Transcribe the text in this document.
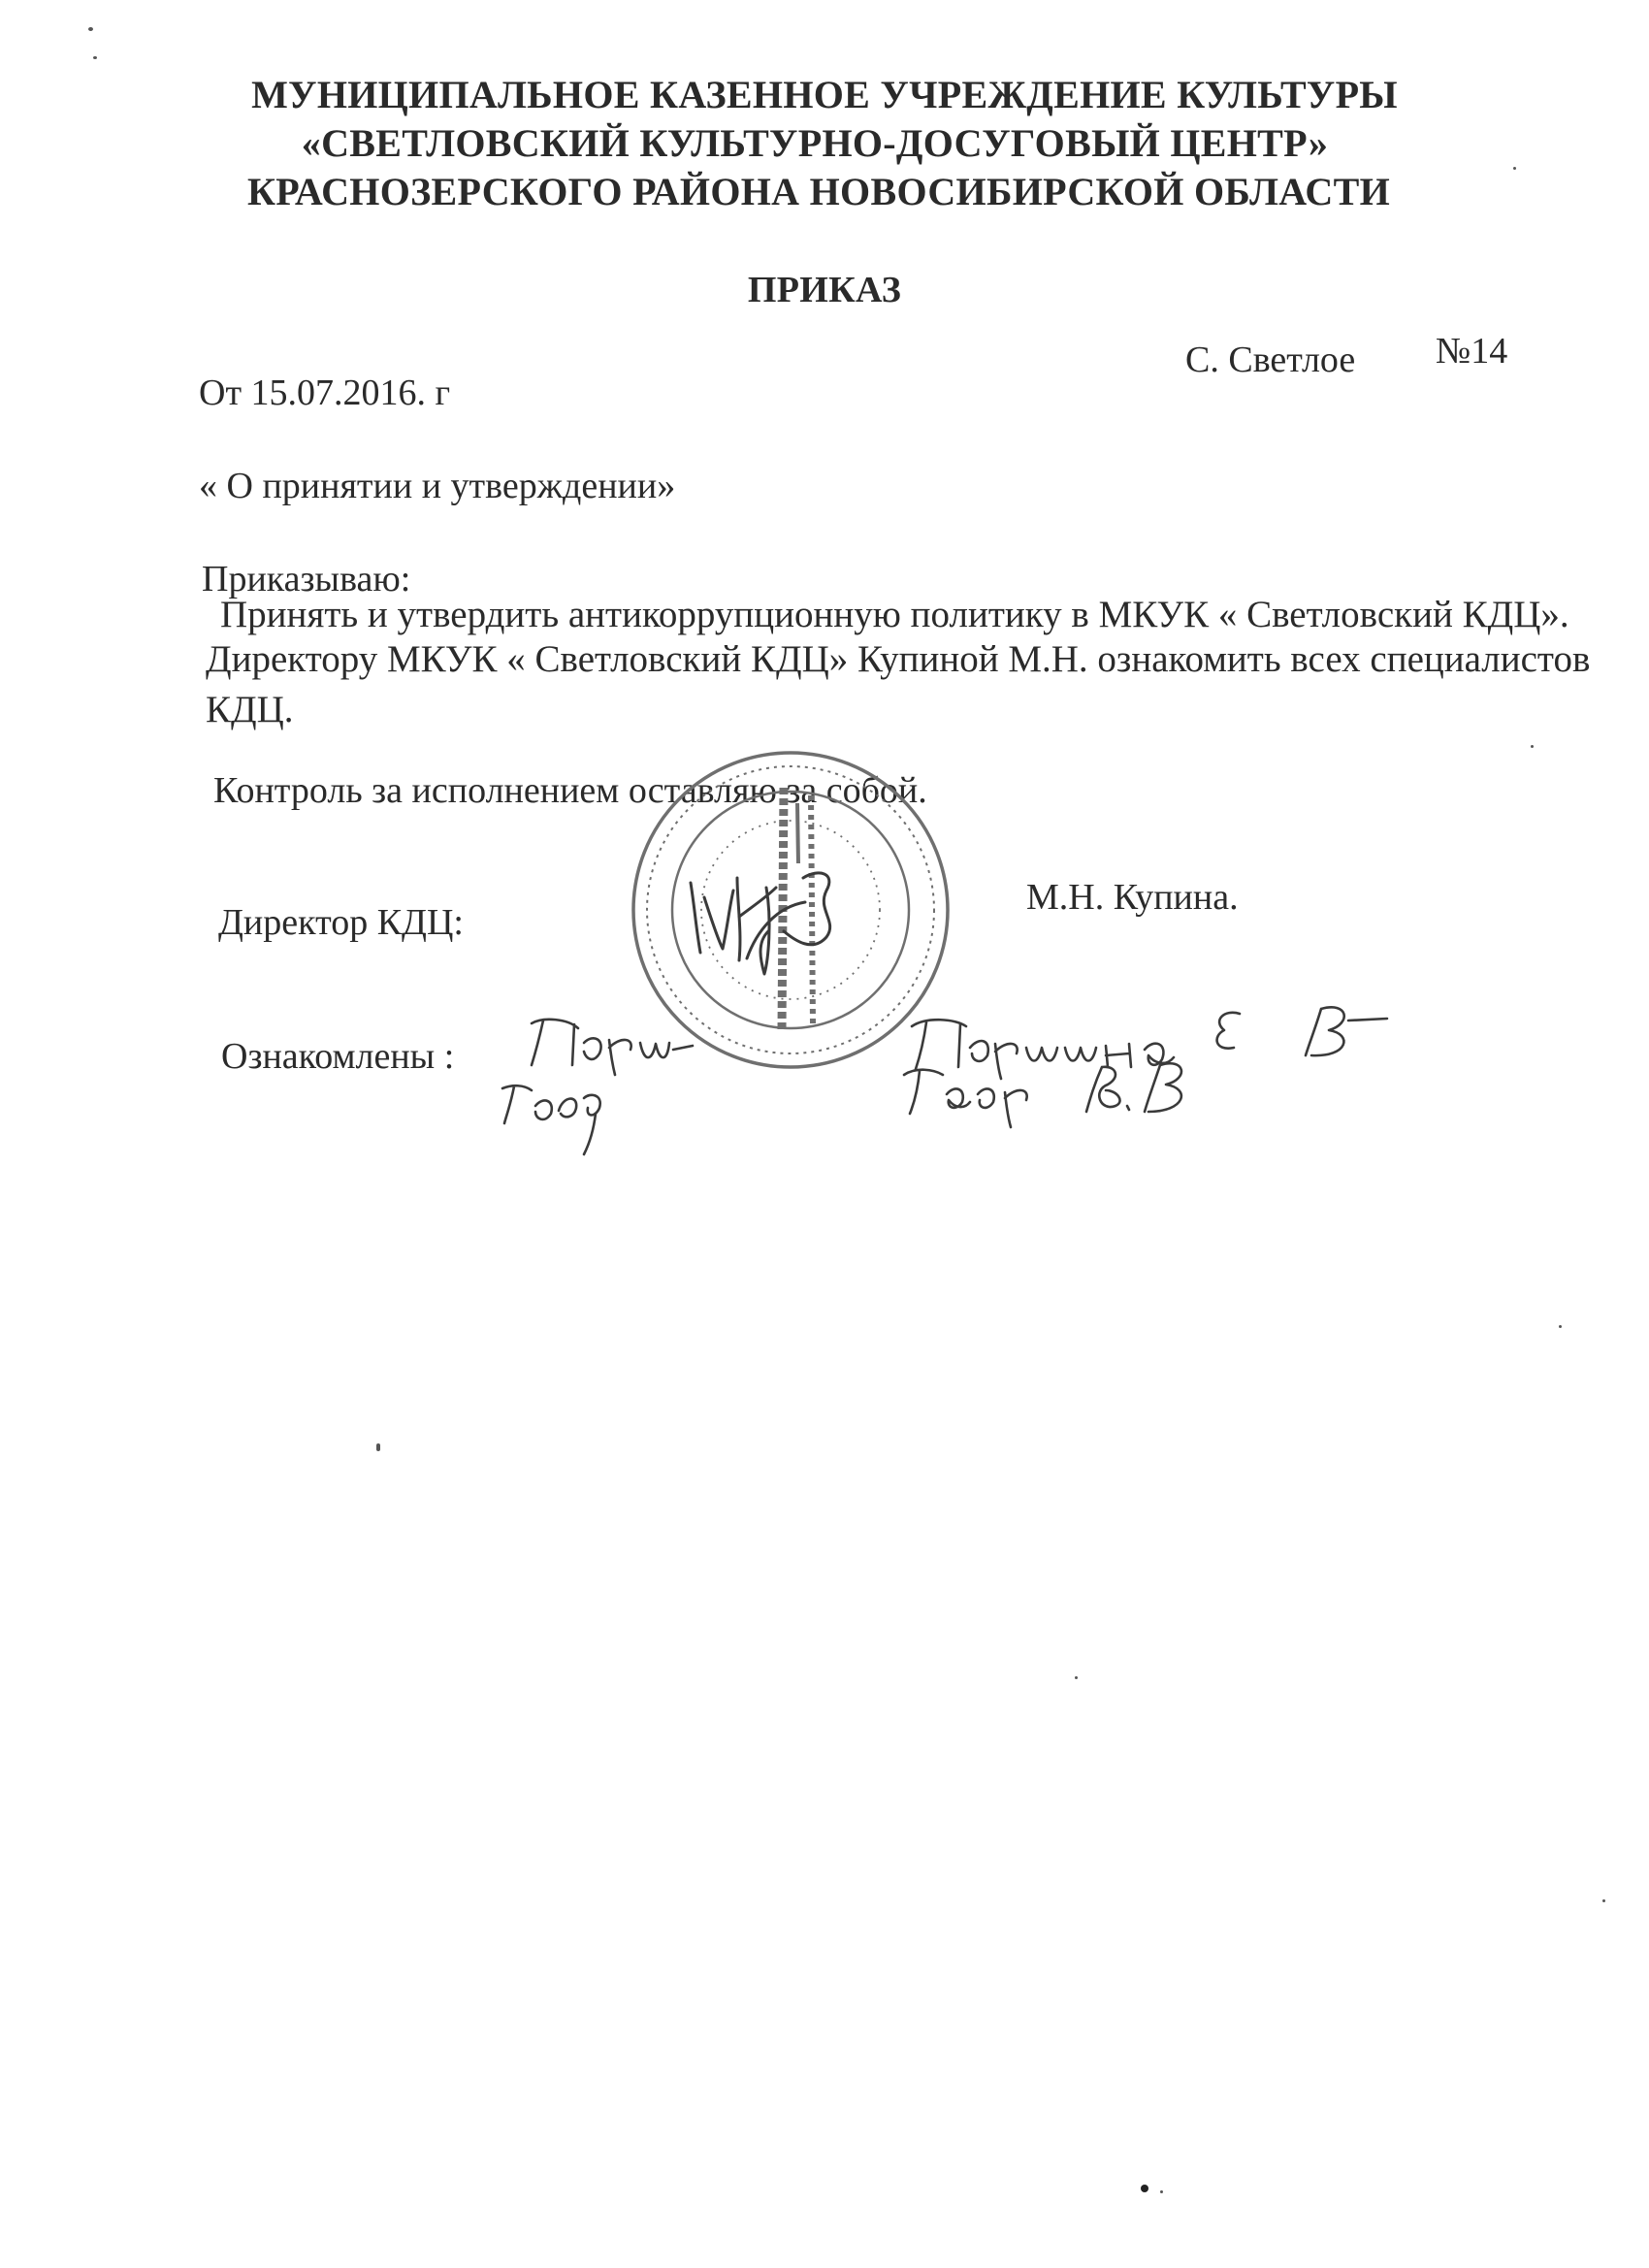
МУНИЦИПАЛЬНОЕ КАЗЕННОЕ УЧРЕЖДЕНИЕ КУЛЬТУРЫ

«СВЕТЛОВСКИЙ КУЛЬТУРНО-ДОСУГОВЫЙ ЦЕНТР»

КРАСНОЗЕРСКОГО РАЙОНА НОВОСИБИРСКОЙ ОБЛАСТИ

ПРИКАЗ

С. Светлое №14

От 15.07.2016. г

« О принятии и утверждении»

Приказываю:

Принять и утвердить антикоррупционную политику в МКУК « Светловский КДЦ».

Директору МКУК « Светловский КДЦ» Купиной М.Н. ознакомить всех специалистов

КДЦ.

Контроль за исполнением оставляю за собой.

Директор КДЦ:

М.Н. Купина.

Ознакомлены :
